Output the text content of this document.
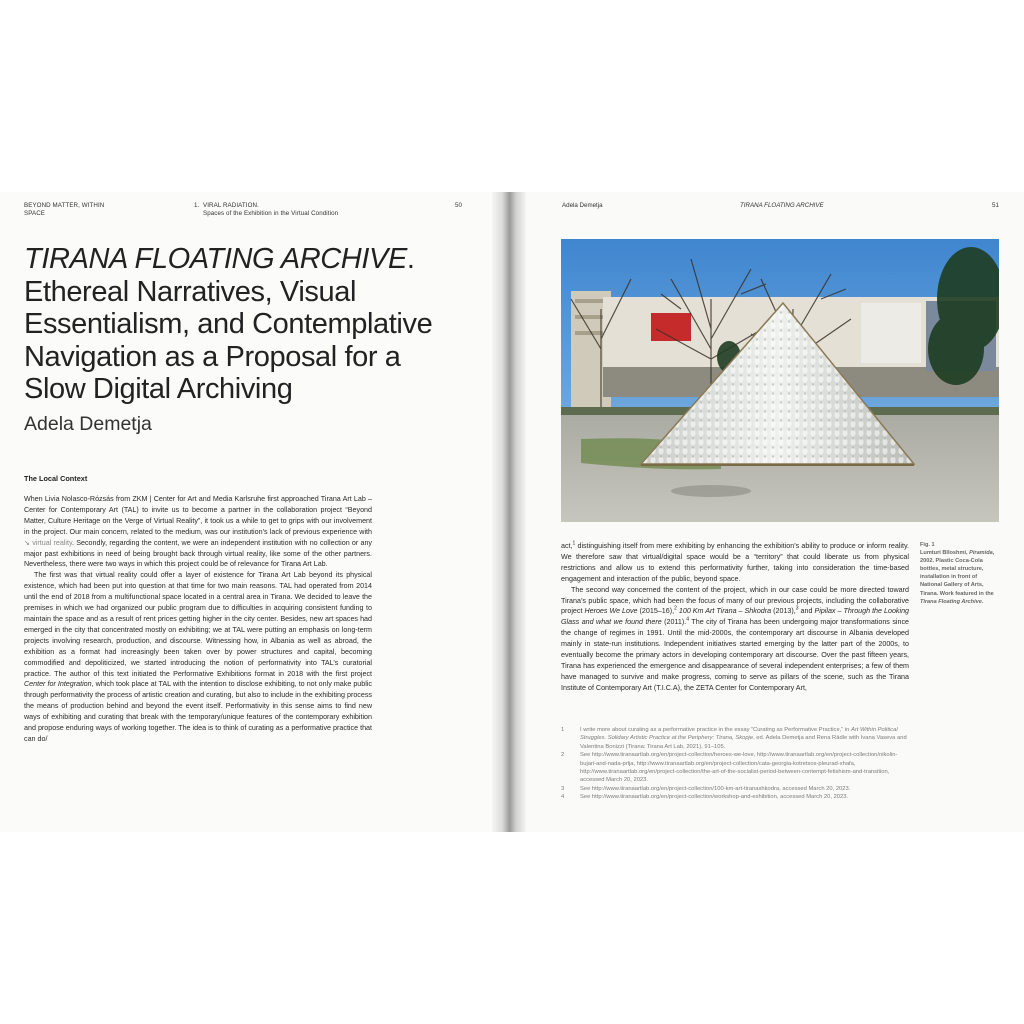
BEYOND MATTER, WITHIN SPACE
1. VIRAL RADIATION.
Spaces of the Exhibition in the Virtual Condition
50	Adela Demetja	TIRANA FLOATING ARCHIVE	51
TIRANA FLOATING ARCHIVE. Ethereal Narratives, Visual Essentialism, and Contemplative Navigation as a Proposal for a Slow Digital Archiving
Adela Demetja
The Local Context

When Livia Nolasco-Rózsás from ZKM | Center for Art and Media Karlsruhe first approached Tirana Art Lab – Center for Contemporary Art (TAL) to invite us to become a partner in the collaboration project “Beyond Matter, Culture Heritage on the Verge of Virtual Reality”, it took us a while to get to grips with our involvement in the project. Our main concern, related to the medium, was our institution’s lack of previous experience with ↘ virtual reality. Secondly, regarding the content, we were an independent institution with no collection or any major past exhibitions in need of being brought back through virtual reality, like some of the other partners. Nevertheless, there were two ways in which this project could be of relevance for Tirana Art Lab.

The first was that virtual reality could offer a layer of existence for Tirana Art Lab beyond its physical existence, which had been put into question at that time for two main reasons. TAL had operated from 2014 until the end of 2018 from a multifunctional space located in a central area in Tirana. We decided to leave the premises in which we had organized our public program due to difficulties in acquiring consistent funding to maintain the space and as a result of rent prices getting higher in the city center. Besides, new art spaces had emerged in the city that concentrated mostly on exhibiting; we at TAL were putting an emphasis on long-term projects involving research, production, and discourse. Witnessing how, in Albania as well as abroad, the exhibition as a format had increasingly been taken over by power structures and capital, becoming commodified and depoliticized, we started introducing the notion of performativity into TAL’s curatorial practice. The author of this text initiated the Performative Exhibitions format in 2018 with the first project Center for Integration, which took place at TAL with the intention to disclose exhibiting, to not only make public through performativity the process of artistic creation and curating, but also to include in the exhibiting process the means of production behind and beyond the event itself. Performativity in this sense aims to find new ways of exhibiting and curating that break with the temporary/unique features of the contemporary exhibition and propose enduring ways of working together. The idea is to think of curating as a performative practice that can do/

Fig. 1
Lumturi Blloshmi, Piramida, 2002. Plastic Coca-Cola bottles, metal structure, installation in front of National Gallery of Arts, Tirana. Work featured in the Tirana Floating Archive.

act,$^1$ distinguishing itself from mere exhibiting by enhancing the exhibition’s ability to produce or inform reality. We therefore saw that virtual/digital space would be a “territory” that could liberate us from physical restrictions and allow us to extend this performativity further, taking into consideration the time-based engagement and interaction of the public, beyond space.

The second way concerned the content of the project, which in our case could be more directed toward Tirana’s public space, which had been the focus of many of our previous projects, including the collaborative project Heroes We Love (2015–16),$^2$ 100 Km Art Tirana – Shkodra (2013),$^3$ and Pipilax – Through the Looking Glass and what we found there (2011).$^4$ The city of Tirana has been undergoing major transformations since the change of regimes in 1991. Until the mid-2000s, the contemporary art discourse in Albania developed mainly in state-run institutions. Independent initiatives started emerging by the latter part of the 2000s, to eventually become the primary actors in developing contemporary art discourse. Over the past fifteen years, Tirana has experienced the emergence and disappearance of several independent enterprises; a few of them have managed to survive and make progress, coming to serve as pillars of the scene, such as the Tirana Institute of Contemporary Art (T.I.C.A), the ZETA Center for Contemporary Art,

1	I write more about curating as a performative practice in the essay “Curating as Performative Practice,” in Art Within Political Struggles. Solidary Artistic Practice at the Periphery: Tirana, Skopje, ed. Adela Demetja and Rena Rädle with Ivana Vaseva and Valentina Bonizzi (Tirana: Tirana Art Lab, 2021), 91–105.
2	See http://www.tiranaartlab.org/en/project-collection/heroes-we-love, http://www.tiranaartlab.org/en/project-collection/nikolin-bujari-and-nada-prlja, http://www.tiranaartlab.org/en/project-collection/cata-georgia-kotretsos-pleurad-xhafa, http://www.tiranaartlab.org/en/project-collection/the-art-of-the-socialist-period-between-contempt-fetishism-and-transition, accessed March 20, 2023.
3	See http://www.tiranaartlab.org/en/project-collection/100-km-art-tiranashkodra, accessed March 20, 2023.
4	See http://www.tiranaartlab.org/en/project-collection/workshop-and-exhibition, accessed March 20, 2023.
